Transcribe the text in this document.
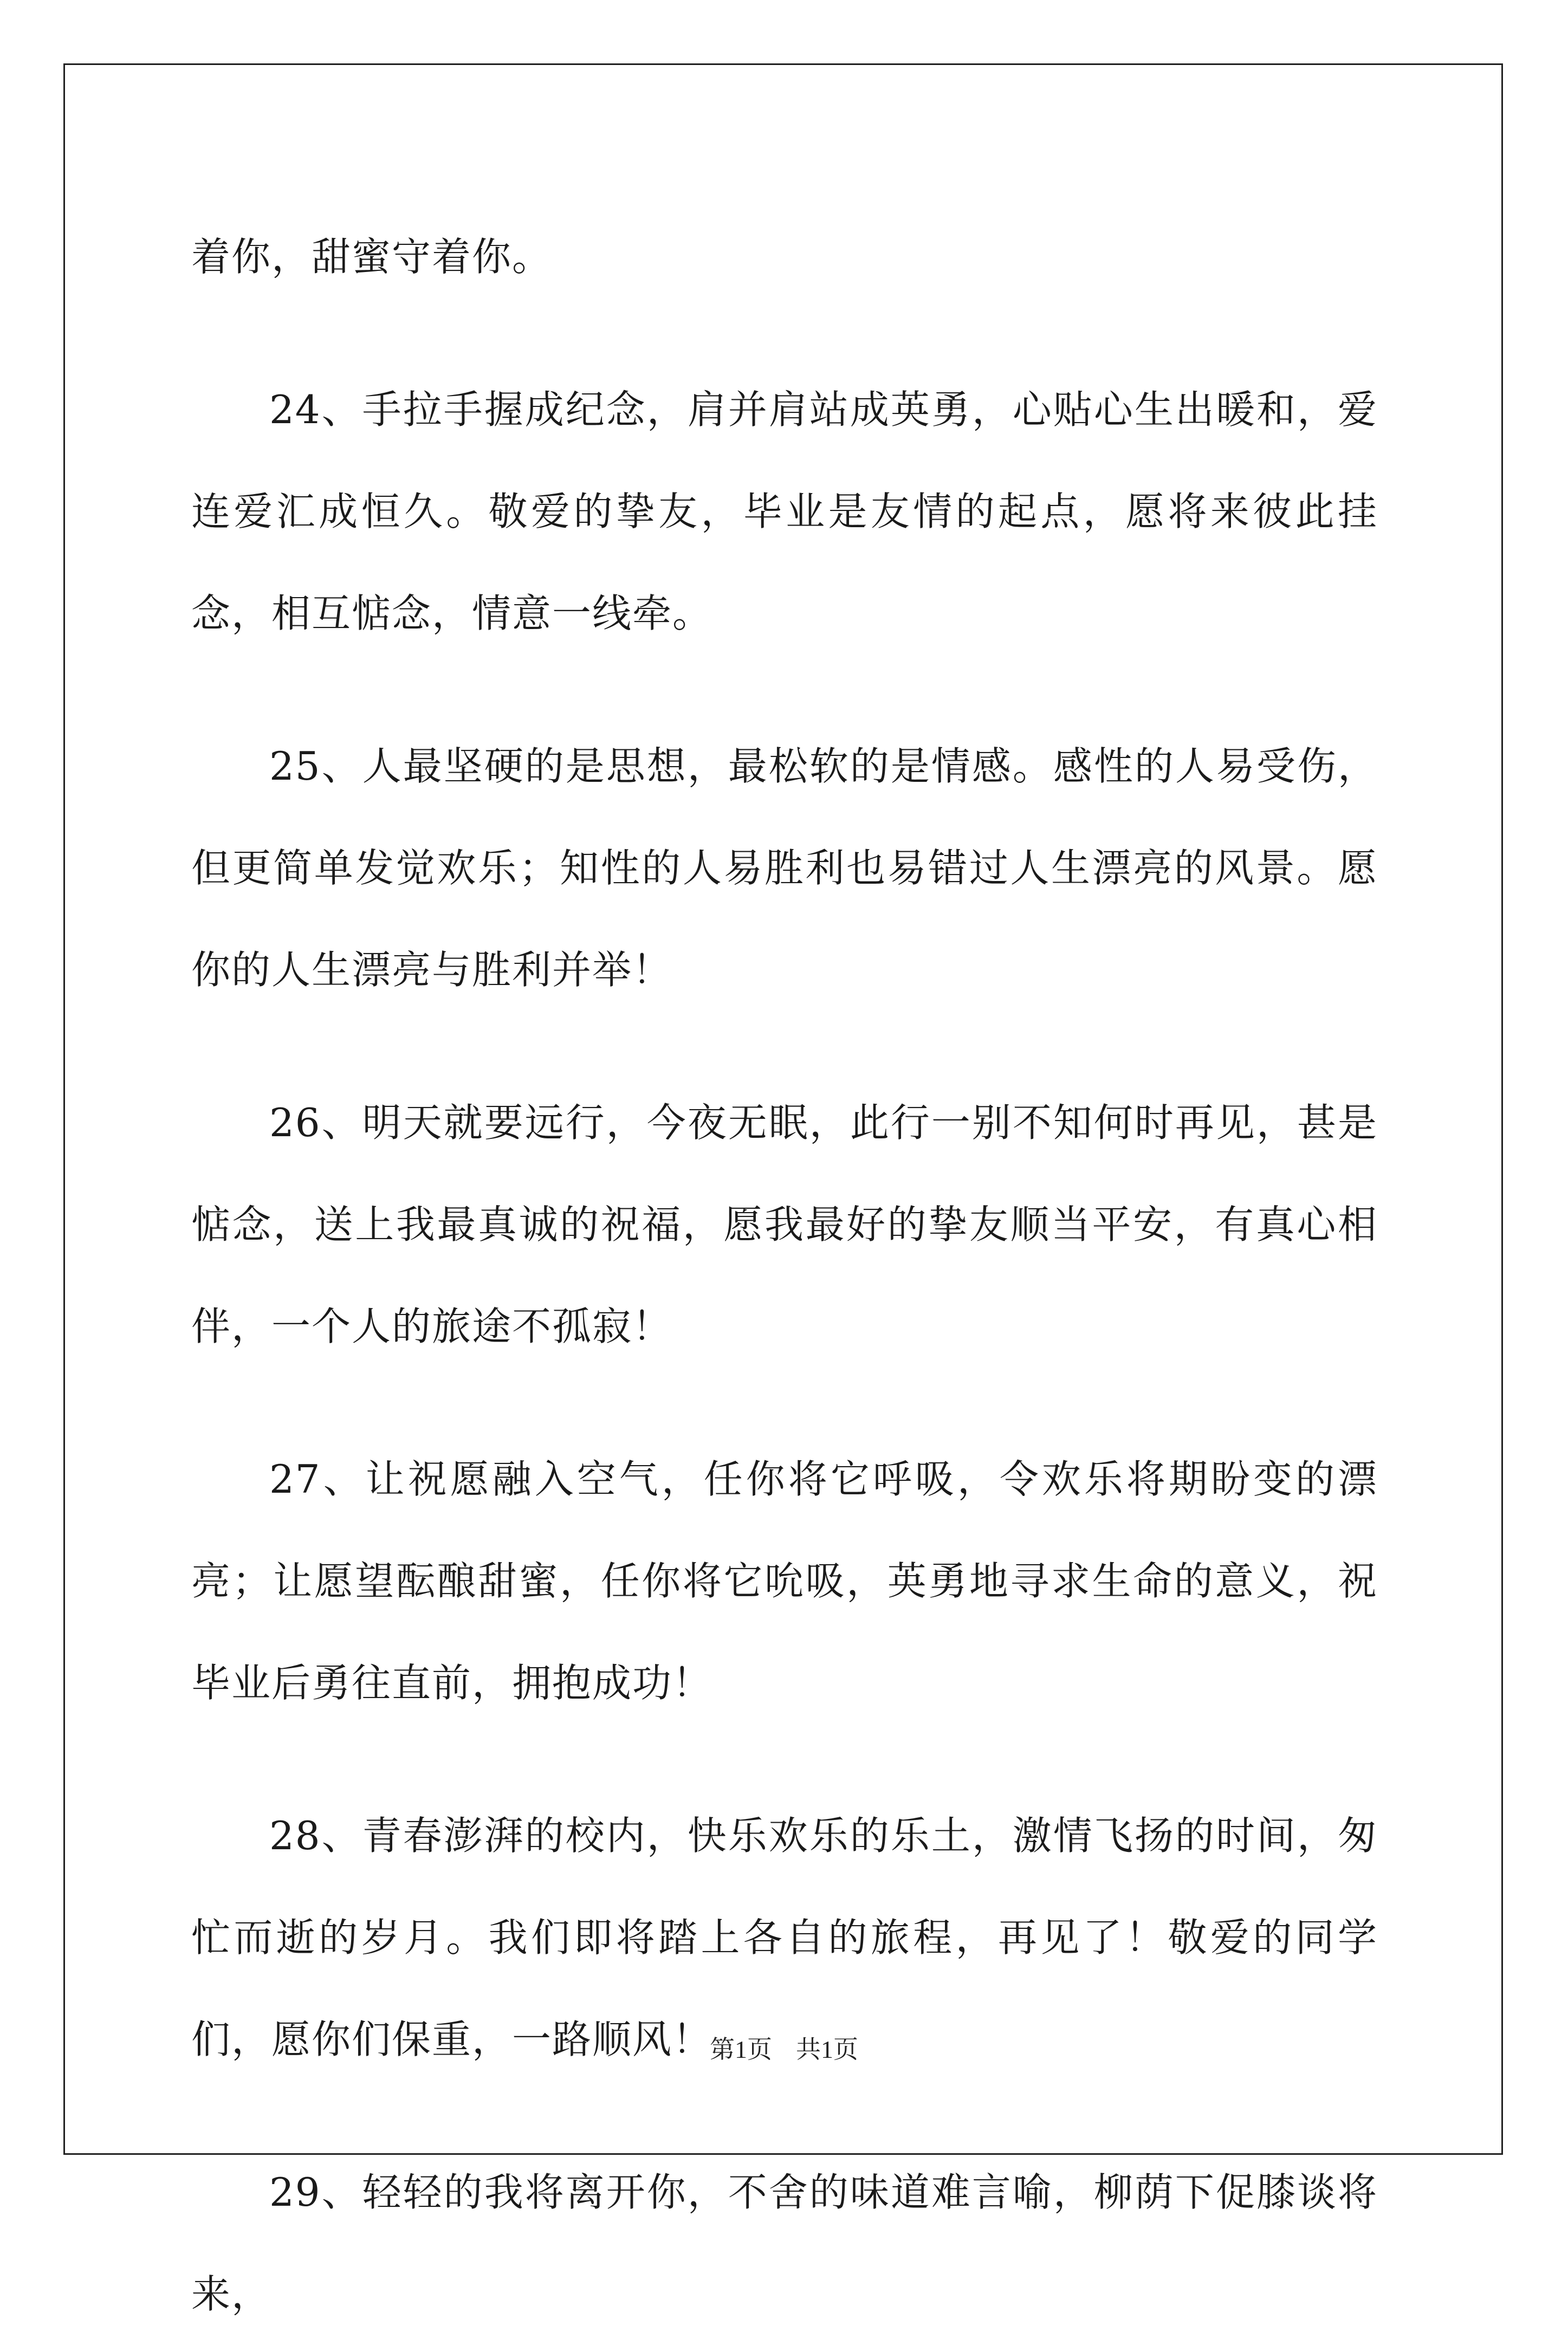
着你，甜蜜守着你。

24、手拉手握成纪念，肩并肩站成英勇，心贴心生出暖和，爱连爱汇成恒久。敬爱的挚友，毕业是友情的起点，愿将来彼此挂念，相互惦念，情意一线牵。

25、人最坚硬的是思想，最松软的是情感。感性的人易受伤，但更简单发觉欢乐；知性的人易胜利也易错过人生漂亮的风景。愿你的人生漂亮与胜利并举！

26、明天就要远行，今夜无眠，此行一别不知何时再见，甚是惦念，送上我最真诚的祝福，愿我最好的挚友顺当平安，有真心相伴，一个人的旅途不孤寂！

27、让祝愿融入空气，任你将它呼吸，令欢乐将期盼变的漂亮；让愿望酝酿甜蜜，任你将它吮吸，英勇地寻求生命的意义，祝毕业后勇往直前，拥抱成功！

28、青春澎湃的校内，快乐欢乐的乐土，激情飞扬的时间，匆忙而逝的岁月。我们即将踏上各自的旅程，再见了！敬爱的同学们，愿你们保重，一路顺风！

29、轻轻的我将离开你，不舍的味道难言喻，柳荫下促膝谈将来，

第1页 共1页
